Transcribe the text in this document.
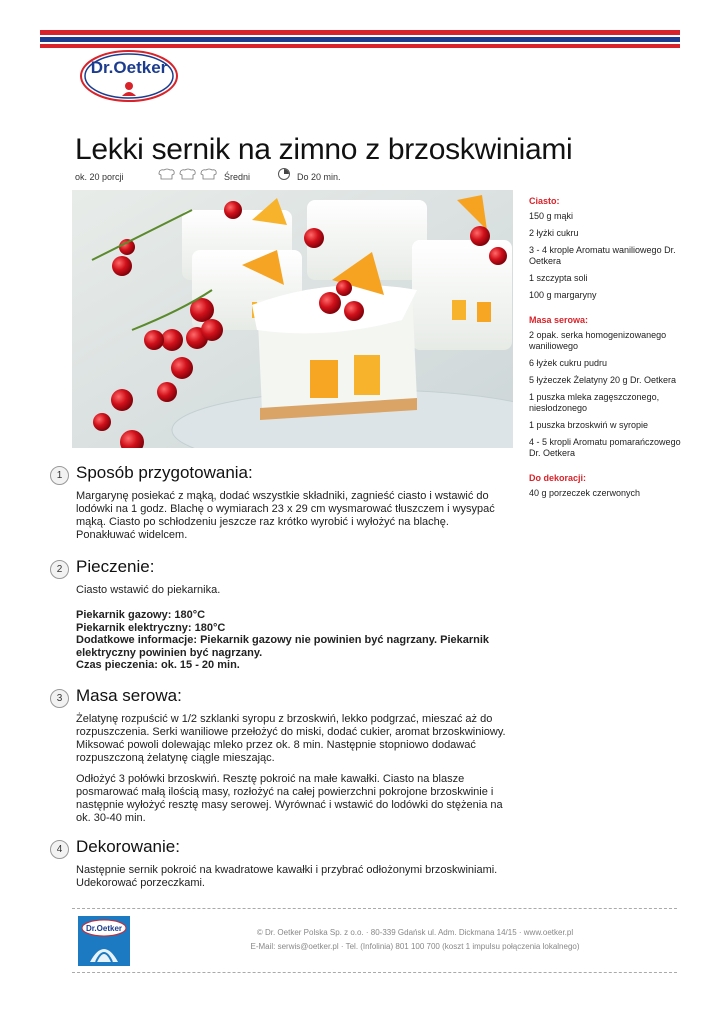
Dr.Oetker
Lekki sernik na zimno z brzoskwiniami
ok. 20 porcji	Średni	Do 20 min.
Ciasto:
150 g mąki
2 łyżki cukru
3 - 4 krople Aromatu waniliowego Dr. Oetkera
1 szczypta soli
100 g margaryny
Masa serowa:
2 opak. serka homogenizowanego waniliowego
6 łyżek cukru pudru
5 łyżeczek Żelatyny 20 g Dr. Oetkera
1 puszka mleka zagęszczonego, niesłodzonego
1 puszka brzoskwiń w syropie
4 - 5 kropli Aromatu pomarańczowego Dr. Oetkera
Do dekoracji:
40 g porzeczek czerwonych
1 Sposób przygotowania:

Margarynę posiekać z mąką, dodać wszystkie składniki, zagnieść ciasto i wstawić do lodówki na 1 godz. Blachę o wymiarach 23 x 29 cm wysmarować tłuszczem i wysypać mąką. Ciasto po schłodzeniu jeszcze raz krótko wyrobić i wyłożyć na blachę. Ponakłuwać widelcem.

2 Pieczenie:

Ciasto wstawić do piekarnika.

Piekarnik gazowy: 180°C
Piekarnik elektryczny: 180°C
Dodatkowe informacje: Piekarnik gazowy nie powinien być nagrzany. Piekarnik elektryczny powinien być nagrzany.
Czas pieczenia: ok. 15 - 20 min.
3 Masa serowa:

Żelatynę rozpuścić w 1/2 szklanki syropu z brzoskwiń, lekko podgrzać, mieszać aż do rozpuszczenia. Serki waniliowe przełożyć do miski, dodać cukier, aromat brzoskwiniowy. Miksować powoli dolewając mleko przez ok. 8 min. Następnie stopniowo dodawać rozpuszczoną żelatynę ciągle mieszając.

Odłożyć 3 połówki brzoskwiń. Resztę pokroić na małe kawałki. Ciasto na blasze posmarować małą ilością masy, rozłożyć na całej powierzchni pokrojone brzoskwinie i następnie wyłożyć resztę masy serowej. Wyrównać i wstawić do lodówki do stężenia na ok. 30-40 min.

4 Dekorowanie:

Następnie sernik pokroić na kwadratowe kawałki i przybrać odłożonymi brzoskwiniami. Udekorować porzeczkami.

Dr.Oetker	© Dr. Oetker Polska Sp. z o.o. · 80-339 Gdańsk ul. Adm. Dickmana 14/15 · www.oetker.pl
E-Mail: serwis@oetker.pl · Tel. (Infolinia) 801 100 700 (koszt 1 impulsu połączenia lokalnego)
